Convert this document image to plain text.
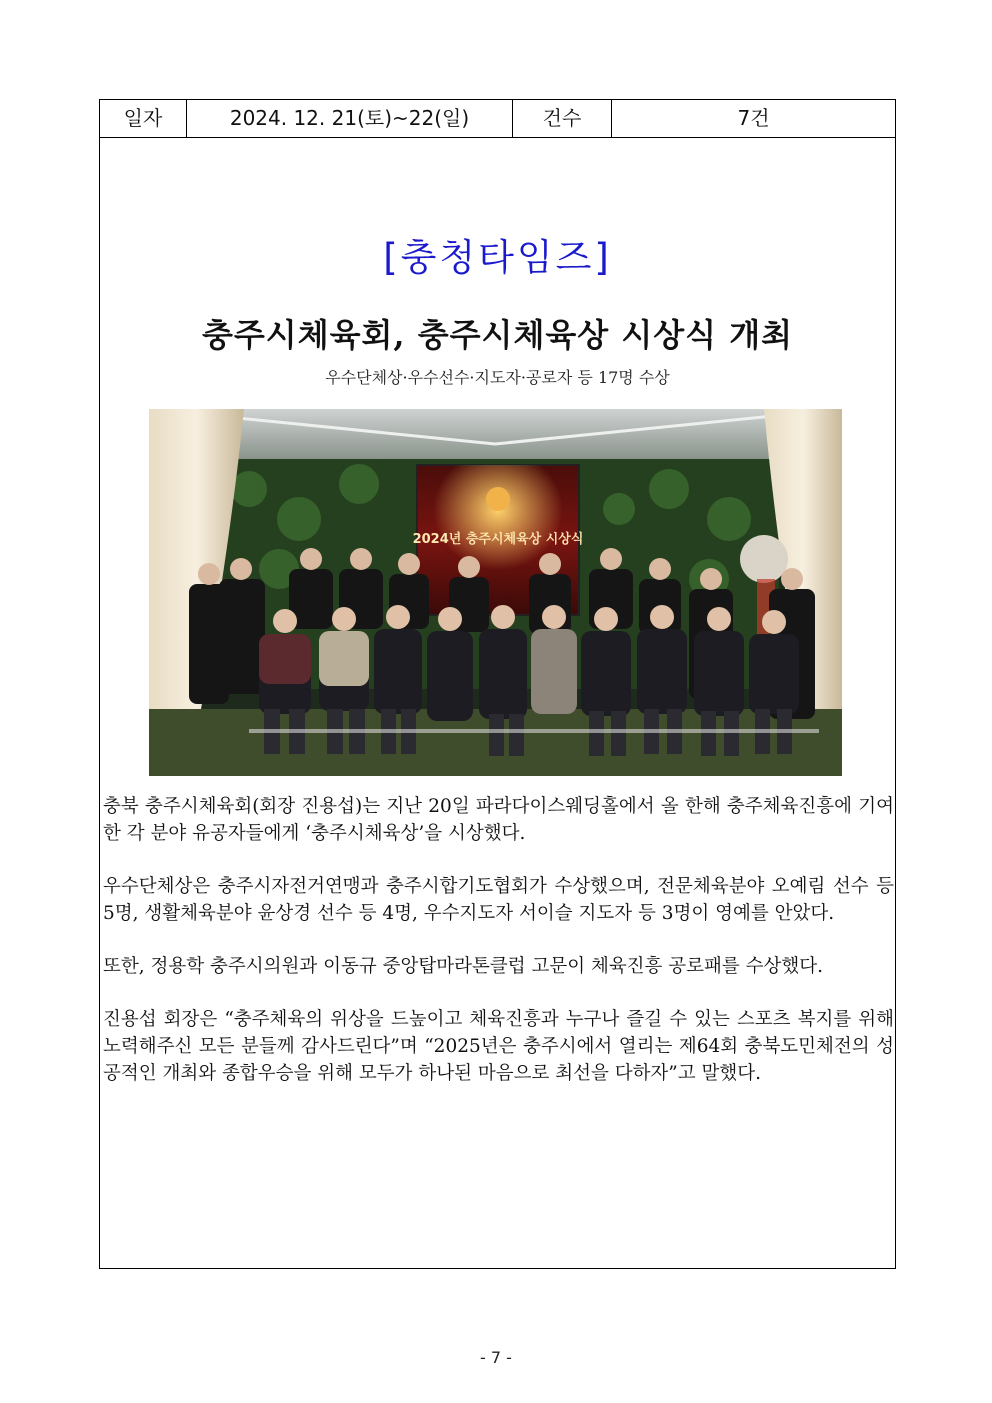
일자	2024. 12. 21(토)~22(일)	건수	7건
[충청타임즈]
충주시체육회, 충주시체육상 시상식 개최
우수단체상·우수선수·지도자·공로자 등 17명 수상
2024년 충주시체육상 시상식

충북 충주시체육회(회장 진용섭)는 지난 20일 파라다이스웨딩홀에서 올 한해 충주체육진흥에 기여한 각 분야 유공자들에게 ‘충주시체육상’을 시상했다.

우수단체상은 충주시자전거연맹과 충주시합기도협회가 수상했으며, 전문체육분야 오예림 선수 등 5명, 생활체육분야 윤상경 선수 등 4명, 우수지도자 서이슬 지도자 등 3명이 영예를 안았다.

또한, 정용학 충주시의원과 이동규 중앙탑마라톤클럽 고문이 체육진흥 공로패를 수상했다.

진용섭 회장은 “충주체육의 위상을 드높이고 체육진흥과 누구나 즐길 수 있는 스포츠 복지를 위해 노력해주신 모든 분들께 감사드린다”며 “2025년은 충주시에서 열리는 제64회 충북도민체전의 성공적인 개최와 종합우승을 위해 모두가 하나된 마음으로 최선을 다하자”고 말했다.

- 7 -
